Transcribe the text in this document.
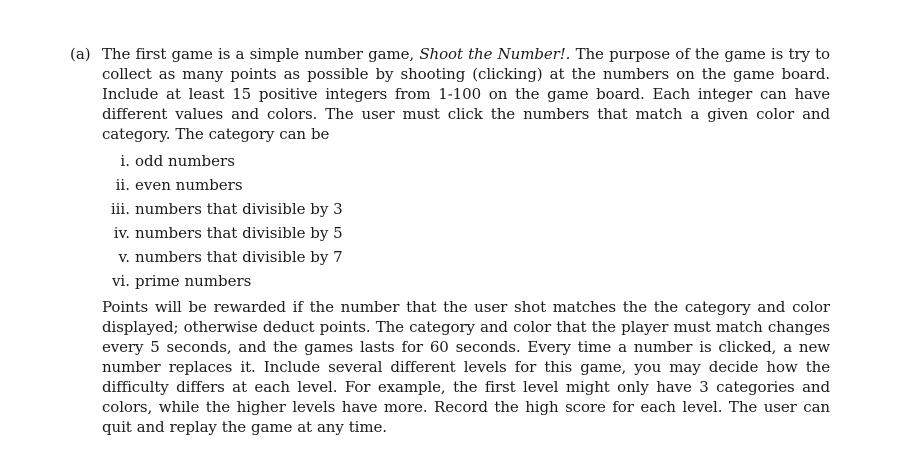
(a) The first game is a simple number game, Shoot the Number!. The purpose of the game is try to collect as many points as possible by shooting (clicking) at the numbers on the game board. Include at least 15 positive integers from 1-100 on the game board. Each integer can have different values and colors. The user must click the numbers that match a given color and category. The category can be
i. odd numbers
ii. even numbers
iii. numbers that divisible by 3
iv. numbers that divisible by 5
v. numbers that divisible by 7
vi. prime numbers
Points will be rewarded if the number that the user shot matches the the category and color displayed; otherwise deduct points. The category and color that the player must match changes every 5 seconds, and the games lasts for 60 seconds. Every time a number is clicked, a new number replaces it. Include several different levels for this game, you may decide how the difficulty differs at each level. For example, the first level might only have 3 categories and colors, while the higher levels have more. Record the high score for each level. The user can quit and replay the game at any time.
